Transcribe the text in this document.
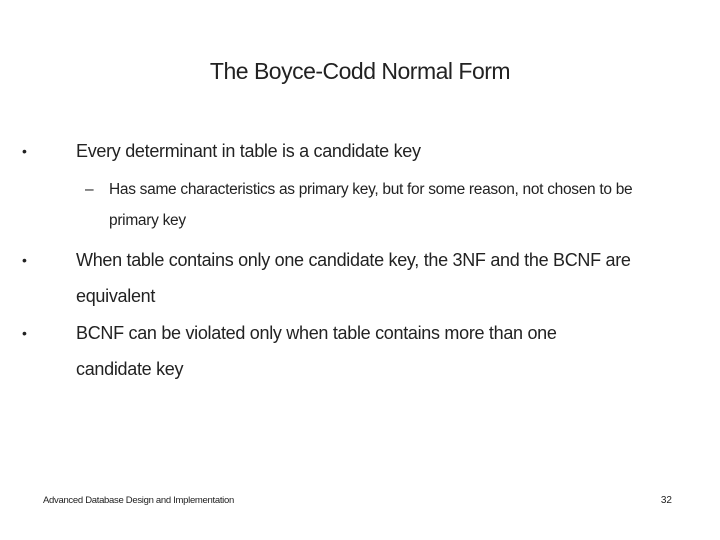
The Boyce-Codd Normal Form
•	Every determinant in table is a candidate key
– Has same characteristics as primary key, but for some reason, not chosen to be primary key
•	When table contains only one candidate key, the 3NF and the BCNF are equivalent
•	BCNF can be violated only when table contains more than one candidate key
Advanced Database Design and Implementation	32
